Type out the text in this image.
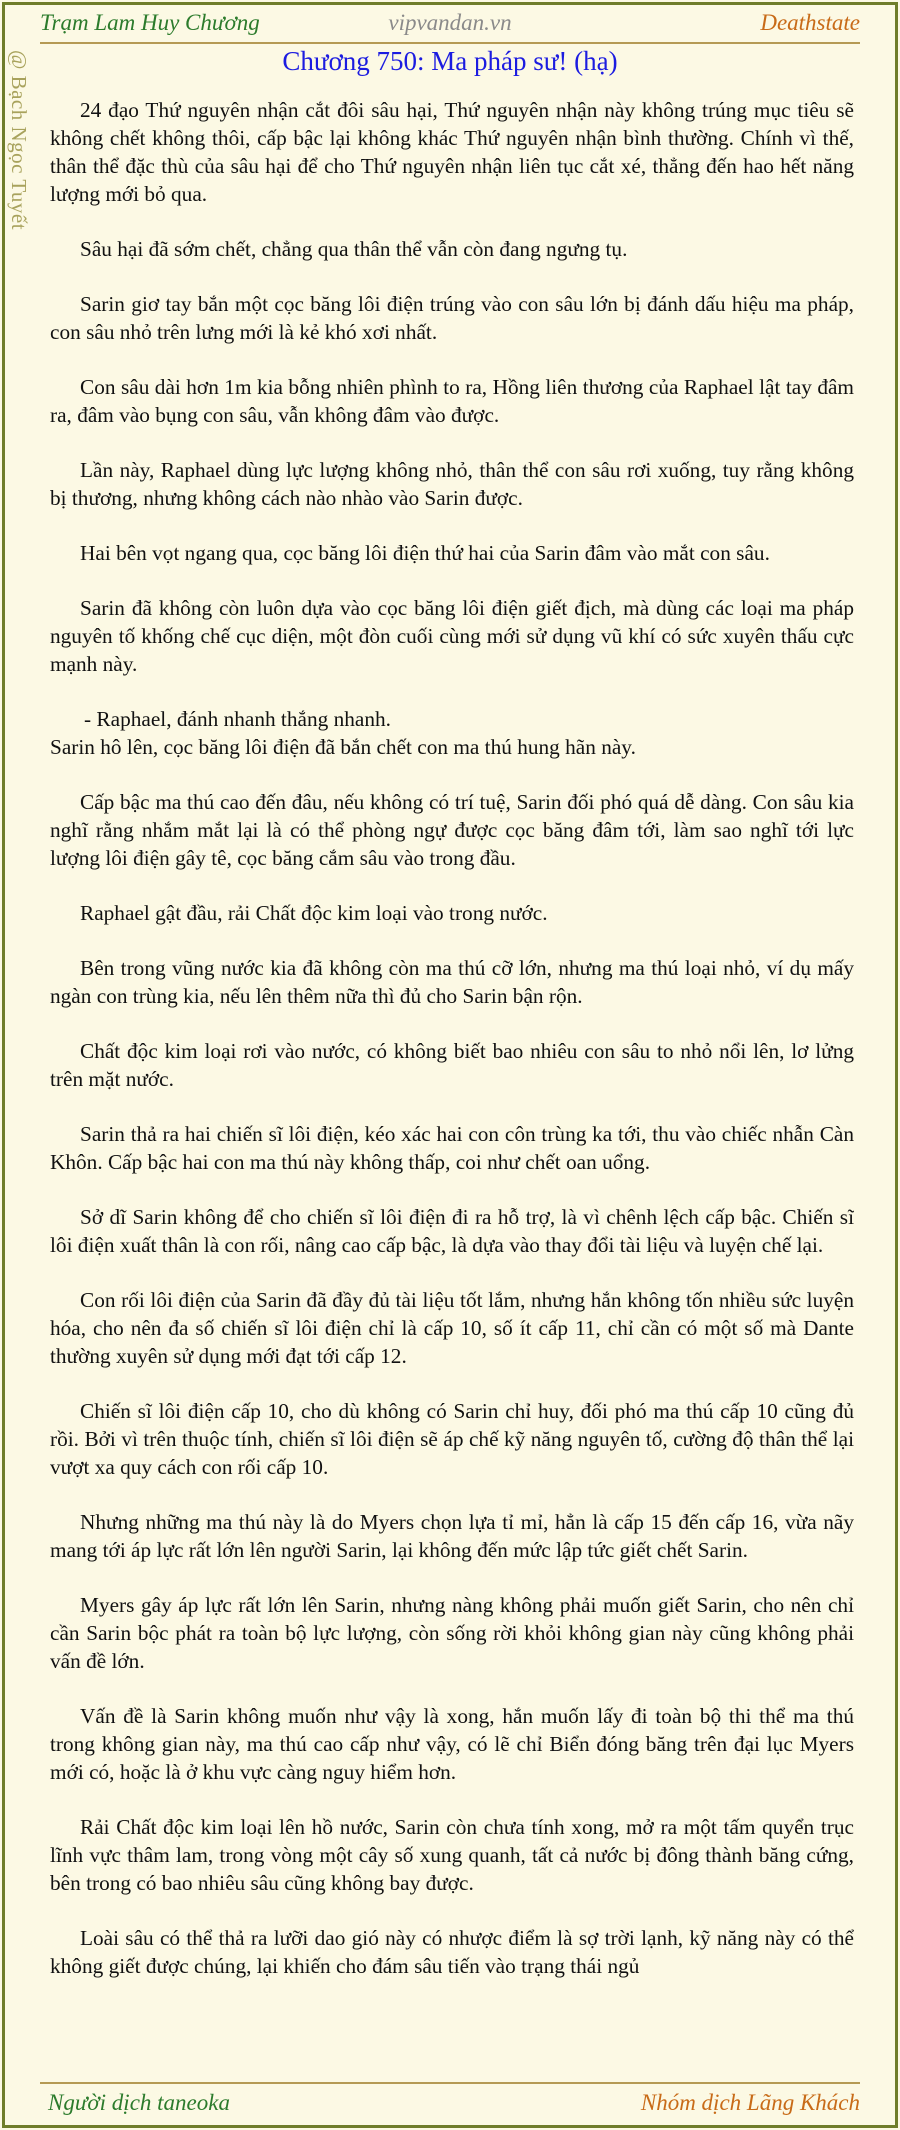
Trạm Lam Huy Chương	vipvandan.vn	Deathstate
@ Bạch Ngọc Tuyết	Chương 750: Ma pháp sư! (hạ)

24 đạo Thứ nguyên nhận cắt đôi sâu hại, Thứ nguyên nhận này không trúng mục tiêu sẽ không chết không thôi, cấp bậc lại không khác Thứ nguyên nhận bình thường. Chính vì thế, thân thể đặc thù của sâu hại để cho Thứ nguyên nhận liên tục cắt xé, thẳng đến hao hết năng lượng mới bỏ qua.

Sâu hại đã sớm chết, chẳng qua thân thể vẫn còn đang ngưng tụ.

Sarin giơ tay bắn một cọc băng lôi điện trúng vào con sâu lớn bị đánh dấu hiệu ma pháp, con sâu nhỏ trên lưng mới là kẻ khó xơi nhất.

Con sâu dài hơn 1m kia bỗng nhiên phình to ra, Hồng liên thương của Raphael lật tay đâm ra, đâm vào bụng con sâu, vẫn không đâm vào được.

Lần này, Raphael dùng lực lượng không nhỏ, thân thể con sâu rơi xuống, tuy rằng không bị thương, nhưng không cách nào nhào vào Sarin được.

Hai bên vọt ngang qua, cọc băng lôi điện thứ hai của Sarin đâm vào mắt con sâu.

Sarin đã không còn luôn dựa vào cọc băng lôi điện giết địch, mà dùng các loại ma pháp nguyên tố khống chế cục diện, một đòn cuối cùng mới sử dụng vũ khí có sức xuyên thấu cực mạnh này.

- Raphael, đánh nhanh thắng nhanh.
Sarin hô lên, cọc băng lôi điện đã bắn chết con ma thú hung hãn này.

Cấp bậc ma thú cao đến đâu, nếu không có trí tuệ, Sarin đối phó quá dễ dàng. Con sâu kia nghĩ rằng nhắm mắt lại là có thể phòng ngự được cọc băng đâm tới, làm sao nghĩ tới lực lượng lôi điện gây tê, cọc băng cắm sâu vào trong đầu.

Raphael gật đầu, rải Chất độc kim loại vào trong nước.

Bên trong vũng nước kia đã không còn ma thú cỡ lớn, nhưng ma thú loại nhỏ, ví dụ mấy ngàn con trùng kia, nếu lên thêm nữa thì đủ cho Sarin bận rộn.

Chất độc kim loại rơi vào nước, có không biết bao nhiêu con sâu to nhỏ nổi lên, lơ lửng trên mặt nước.

Sarin thả ra hai chiến sĩ lôi điện, kéo xác hai con côn trùng ka tới, thu vào chiếc nhẫn Càn Khôn. Cấp bậc hai con ma thú này không thấp, coi như chết oan uổng.

Sở dĩ Sarin không để cho chiến sĩ lôi điện đi ra hỗ trợ, là vì chênh lệch cấp bậc. Chiến sĩ lôi điện xuất thân là con rối, nâng cao cấp bậc, là dựa vào thay đổi tài liệu và luyện chế lại.

Con rối lôi điện của Sarin đã đầy đủ tài liệu tốt lắm, nhưng hắn không tốn nhiều sức luyện hóa, cho nên đa số chiến sĩ lôi điện chỉ là cấp 10, số ít cấp 11, chỉ cần có một số mà Dante thường xuyên sử dụng mới đạt tới cấp 12.

Chiến sĩ lôi điện cấp 10, cho dù không có Sarin chỉ huy, đối phó ma thú cấp 10 cũng đủ rồi. Bởi vì trên thuộc tính, chiến sĩ lôi điện sẽ áp chế kỹ năng nguyên tố, cường độ thân thể lại vượt xa quy cách con rối cấp 10.

Nhưng những ma thú này là do Myers chọn lựa tỉ mỉ, hẳn là cấp 15 đến cấp 16, vừa nãy mang tới áp lực rất lớn lên người Sarin, lại không đến mức lập tức giết chết Sarin.

Myers gây áp lực rất lớn lên Sarin, nhưng nàng không phải muốn giết Sarin, cho nên chỉ cần Sarin bộc phát ra toàn bộ lực lượng, còn sống rời khỏi không gian này cũng không phải vấn đề lớn.

Vấn đề là Sarin không muốn như vậy là xong, hắn muốn lấy đi toàn bộ thi thể ma thú trong không gian này, ma thú cao cấp như vậy, có lẽ chỉ Biển đóng băng trên đại lục Myers mới có, hoặc là ở khu vực càng nguy hiểm hơn.

Rải Chất độc kim loại lên hồ nước, Sarin còn chưa tính xong, mở ra một tấm quyển trục lĩnh vực thâm lam, trong vòng một cây số xung quanh, tất cả nước bị đông thành băng cứng, bên trong có bao nhiêu sâu cũng không bay được.

Loài sâu có thể thả ra lưỡi dao gió này có nhược điểm là sợ trời lạnh, kỹ năng này có thể không giết được chúng, lại khiến cho đám sâu tiến vào trạng thái ngủ

Người dịch taneoka	Nhóm dịch Lãng Khách
